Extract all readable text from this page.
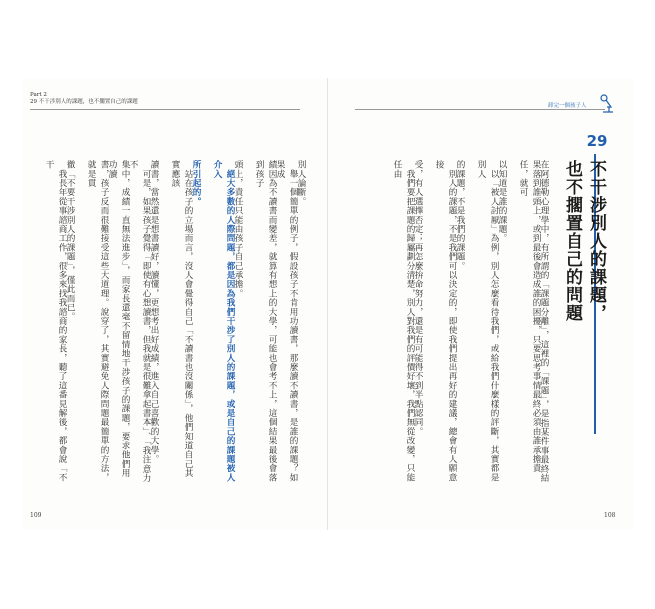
Part 2
29 不干涉別人的課題，也不擱置自己的課題
卸完一個孩子人
29
不干涉別人的課題，
也不擱置自己的問題
在阿德勒心理學中，有所謂的「課題分離」，這裡的「課題」，是指某件事最終結
果落到誰頭上，或到最後會造成誰的困擾，只要思考事情最終必須由誰承擔責任，就可
以知道是誰的課題。
　以「被人討厭」為例，別人怎麼看待我們，或給我們什麼樣的評斷，其實都是別人
的課題，不是我們的課題。
　別人的課題，不是我們可以決定的，即使我們提出再好的建議，總會有人願意接
受，有人選擇否定；再怎麼拚命努力，還是有可能得不到半點認同。
　我們要把課題的歸屬劃分清楚，別人對我們的評價好壞，我們無從改變，只能任由
別人論斷。
　舉一個簡單的例子，假設孩子不肯用功讀書，那麼讀不讀書，是誰的課題？如果成
績因為不讀書而變差，就算有想上的大學，可能也會考不上，這個結果最後會落到孩子
頭上，責任只能由孩子自己承擔。
　絕大多數的人際問題，都是因為我們干涉了別人的課題，或是自己的課題被人介入
所引起的。
　站在孩子的立場而言，沒人會覺得自己「不讀書也沒關係」，他們知道自己其實應該
讀書，當然還是想書讀好，讀懂，更想考出好成績，進入自己喜歡的大學。
　可是，如果孩子覺得「即使有心想讀書，但我就是很難拿起書本」、「我注意力不
集中，成績一直無法進步」，而家長還毫不留情地干涉孩子的課題，要求他們用功讀
書，孩子反而很難接受這些大道理。說穿了，其實避免人際問題最簡單的方法，就是貫
徹「不要干涉別人的課題」，僅此而已。
　我長年從事諮商工作，很多來找我諮商的家長，聽了這番見解後，都會說「不干
109	108
